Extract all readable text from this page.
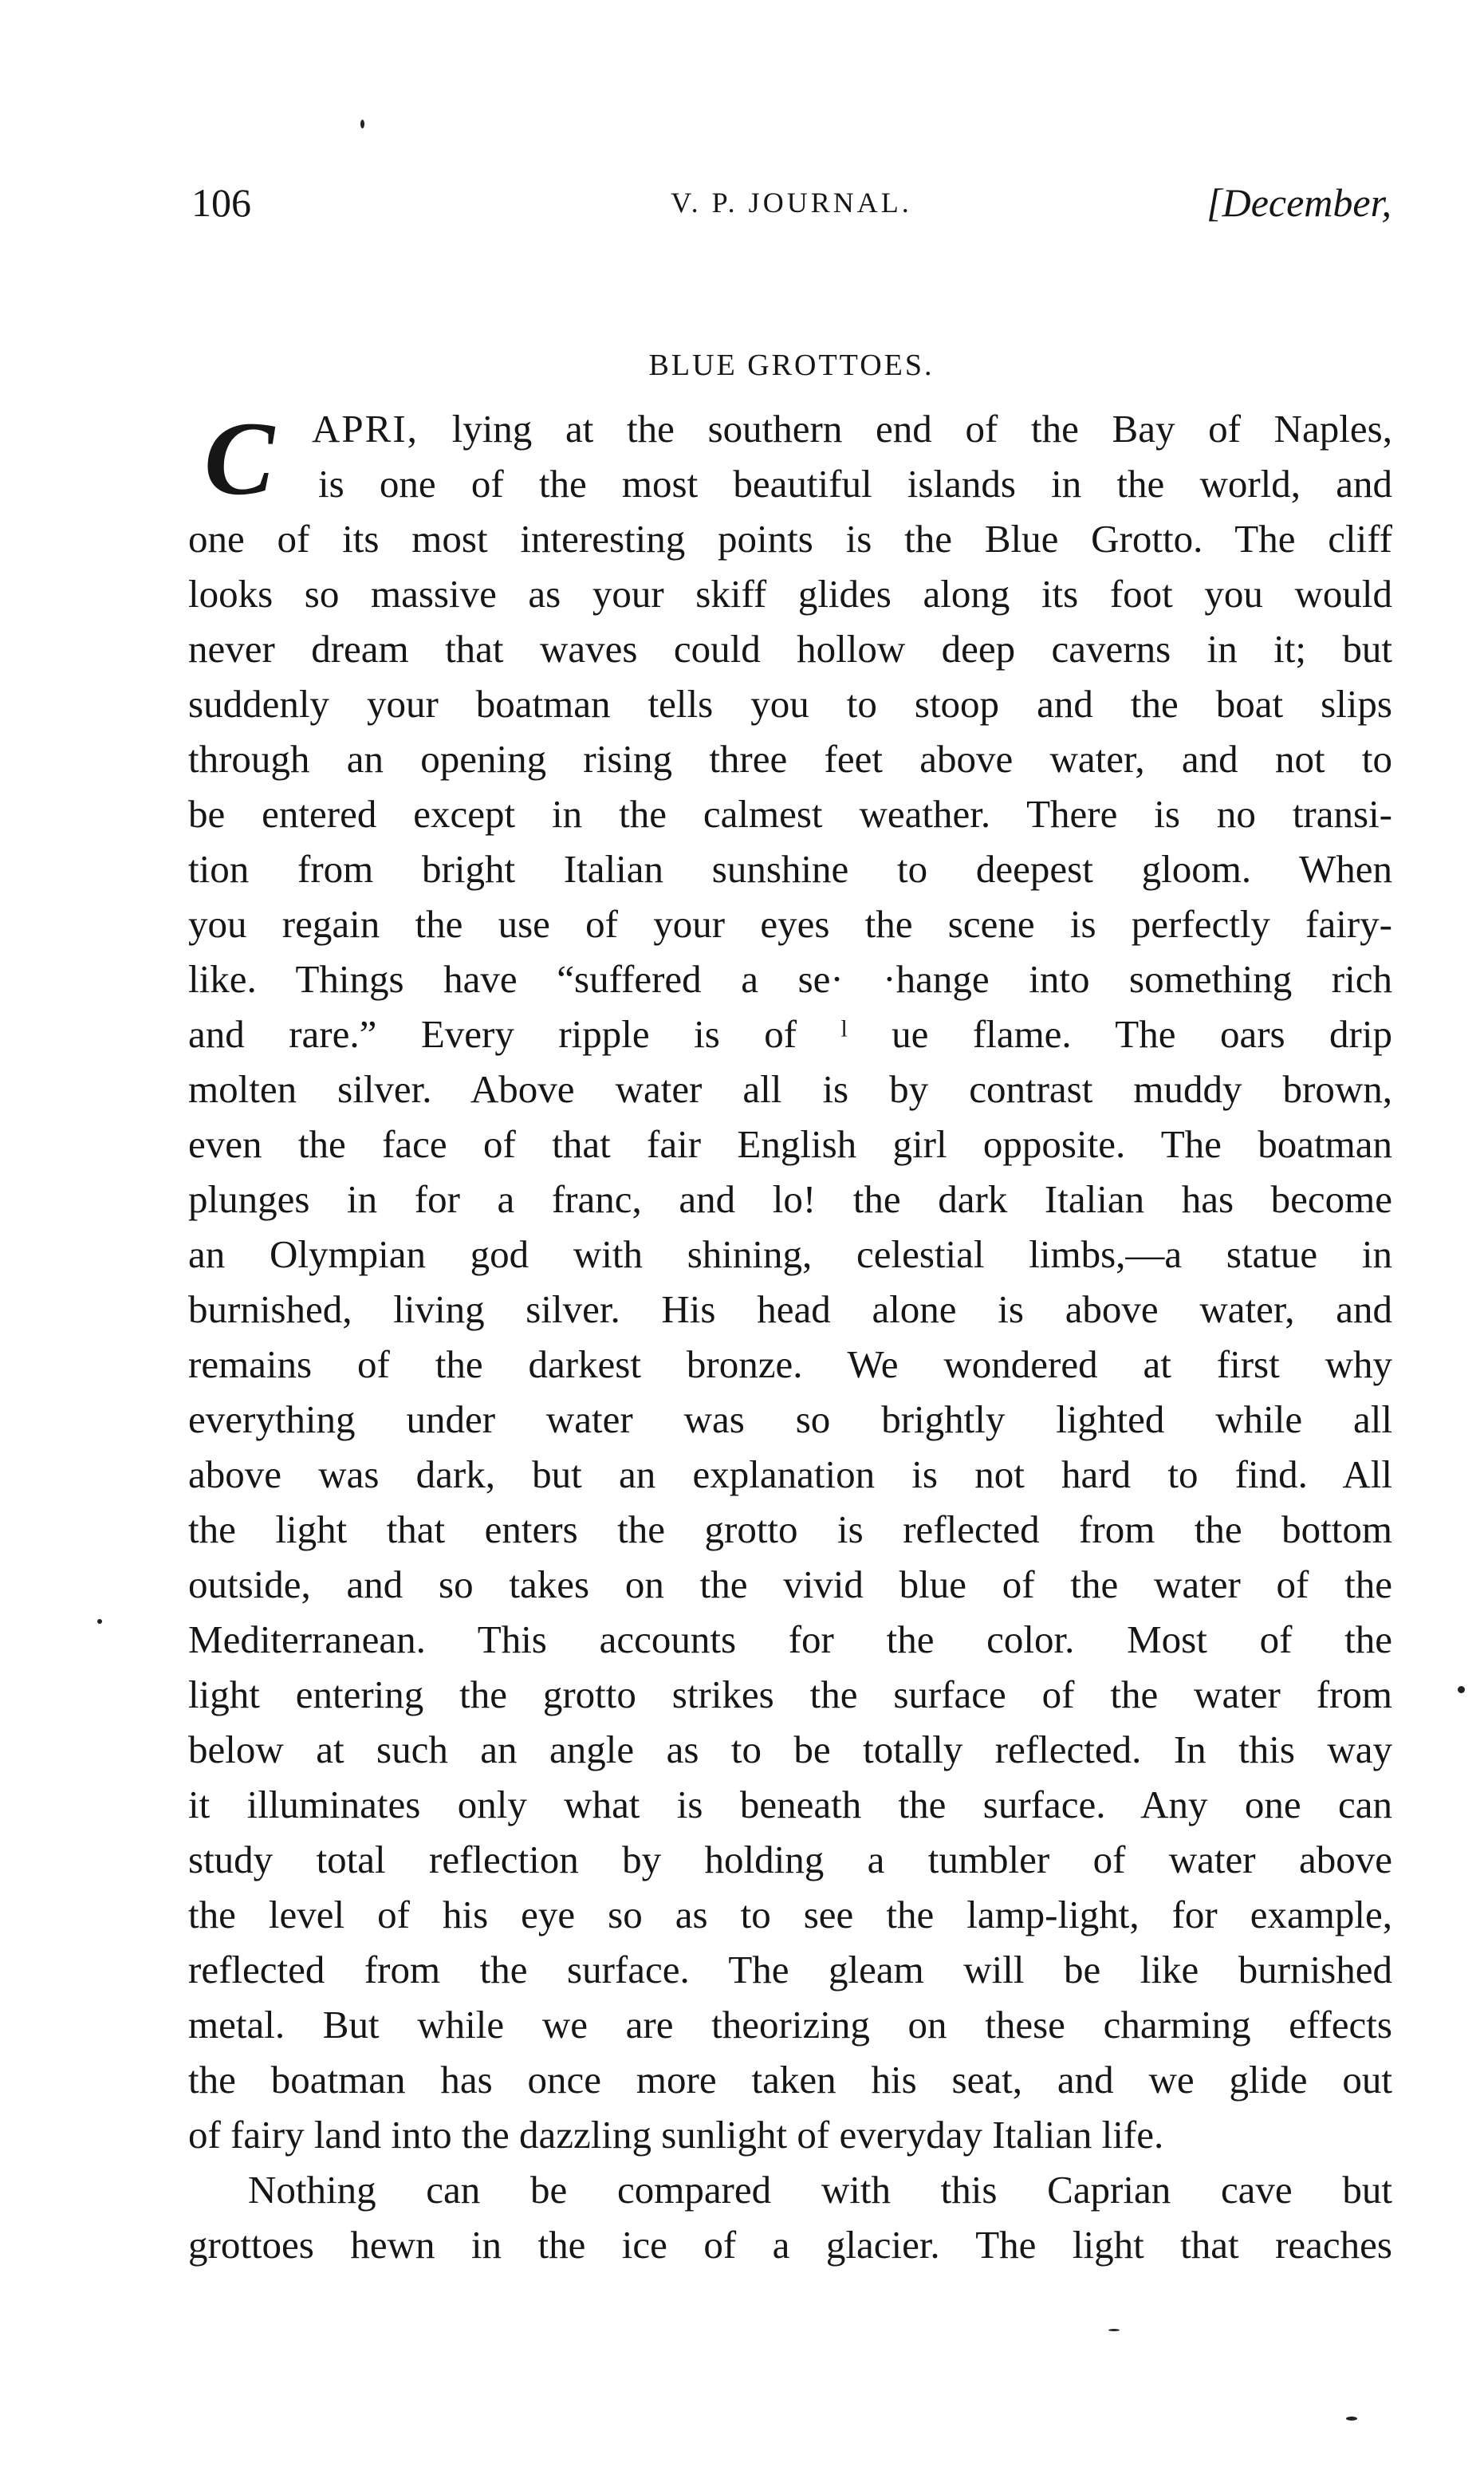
106	V. P. JOURNAL.	[December,
BLUE GROTTOES.
C APRI, lying at the southern end of the Bay of Naples,
is one of the most beautiful islands in the world, and
one of its most interesting points is the Blue Grotto. The cliff
looks so massive as your skiff glides along its foot you would
never dream that waves could hollow deep caverns in it; but
suddenly your boatman tells you to stoop and the boat slips
through an opening rising three feet above water, and not to
be entered except in the calmest weather. There is no transi-
tion from bright Italian sunshine to deepest gloom. When
you regain the use of your eyes the scene is perfectly fairy-
like. Things have “suffered a se· ·hange into something rich
and rare.” Every ripple is of ˡ ue flame. The oars drip
molten silver. Above water all is by contrast muddy brown,
even the face of that fair English girl opposite. The boatman
plunges in for a franc, and lo! the dark Italian has become
an Olympian god with shining, celestial limbs,—a statue in
burnished, living silver. His head alone is above water, and
remains of the darkest bronze. We wondered at first why
everything under water was so brightly lighted while all
above was dark, but an explanation is not hard to find. All
the light that enters the grotto is reflected from the bottom
outside, and so takes on the vivid blue of the water of the
Mediterranean. This accounts for the color. Most of the
light entering the grotto strikes the surface of the water from
below at such an angle as to be totally reflected. In this way
it illuminates only what is beneath the surface. Any one can
study total reflection by holding a tumbler of water above
the level of his eye so as to see the lamp-light, for example,
reflected from the surface. The gleam will be like burnished
metal. But while we are theorizing on these charming effects
the boatman has once more taken his seat, and we glide out
of fairy land into the dazzling sunlight of everyday Italian life.
Nothing can be compared with this Caprian cave but
grottoes hewn in the ice of a glacier. The light that reaches
